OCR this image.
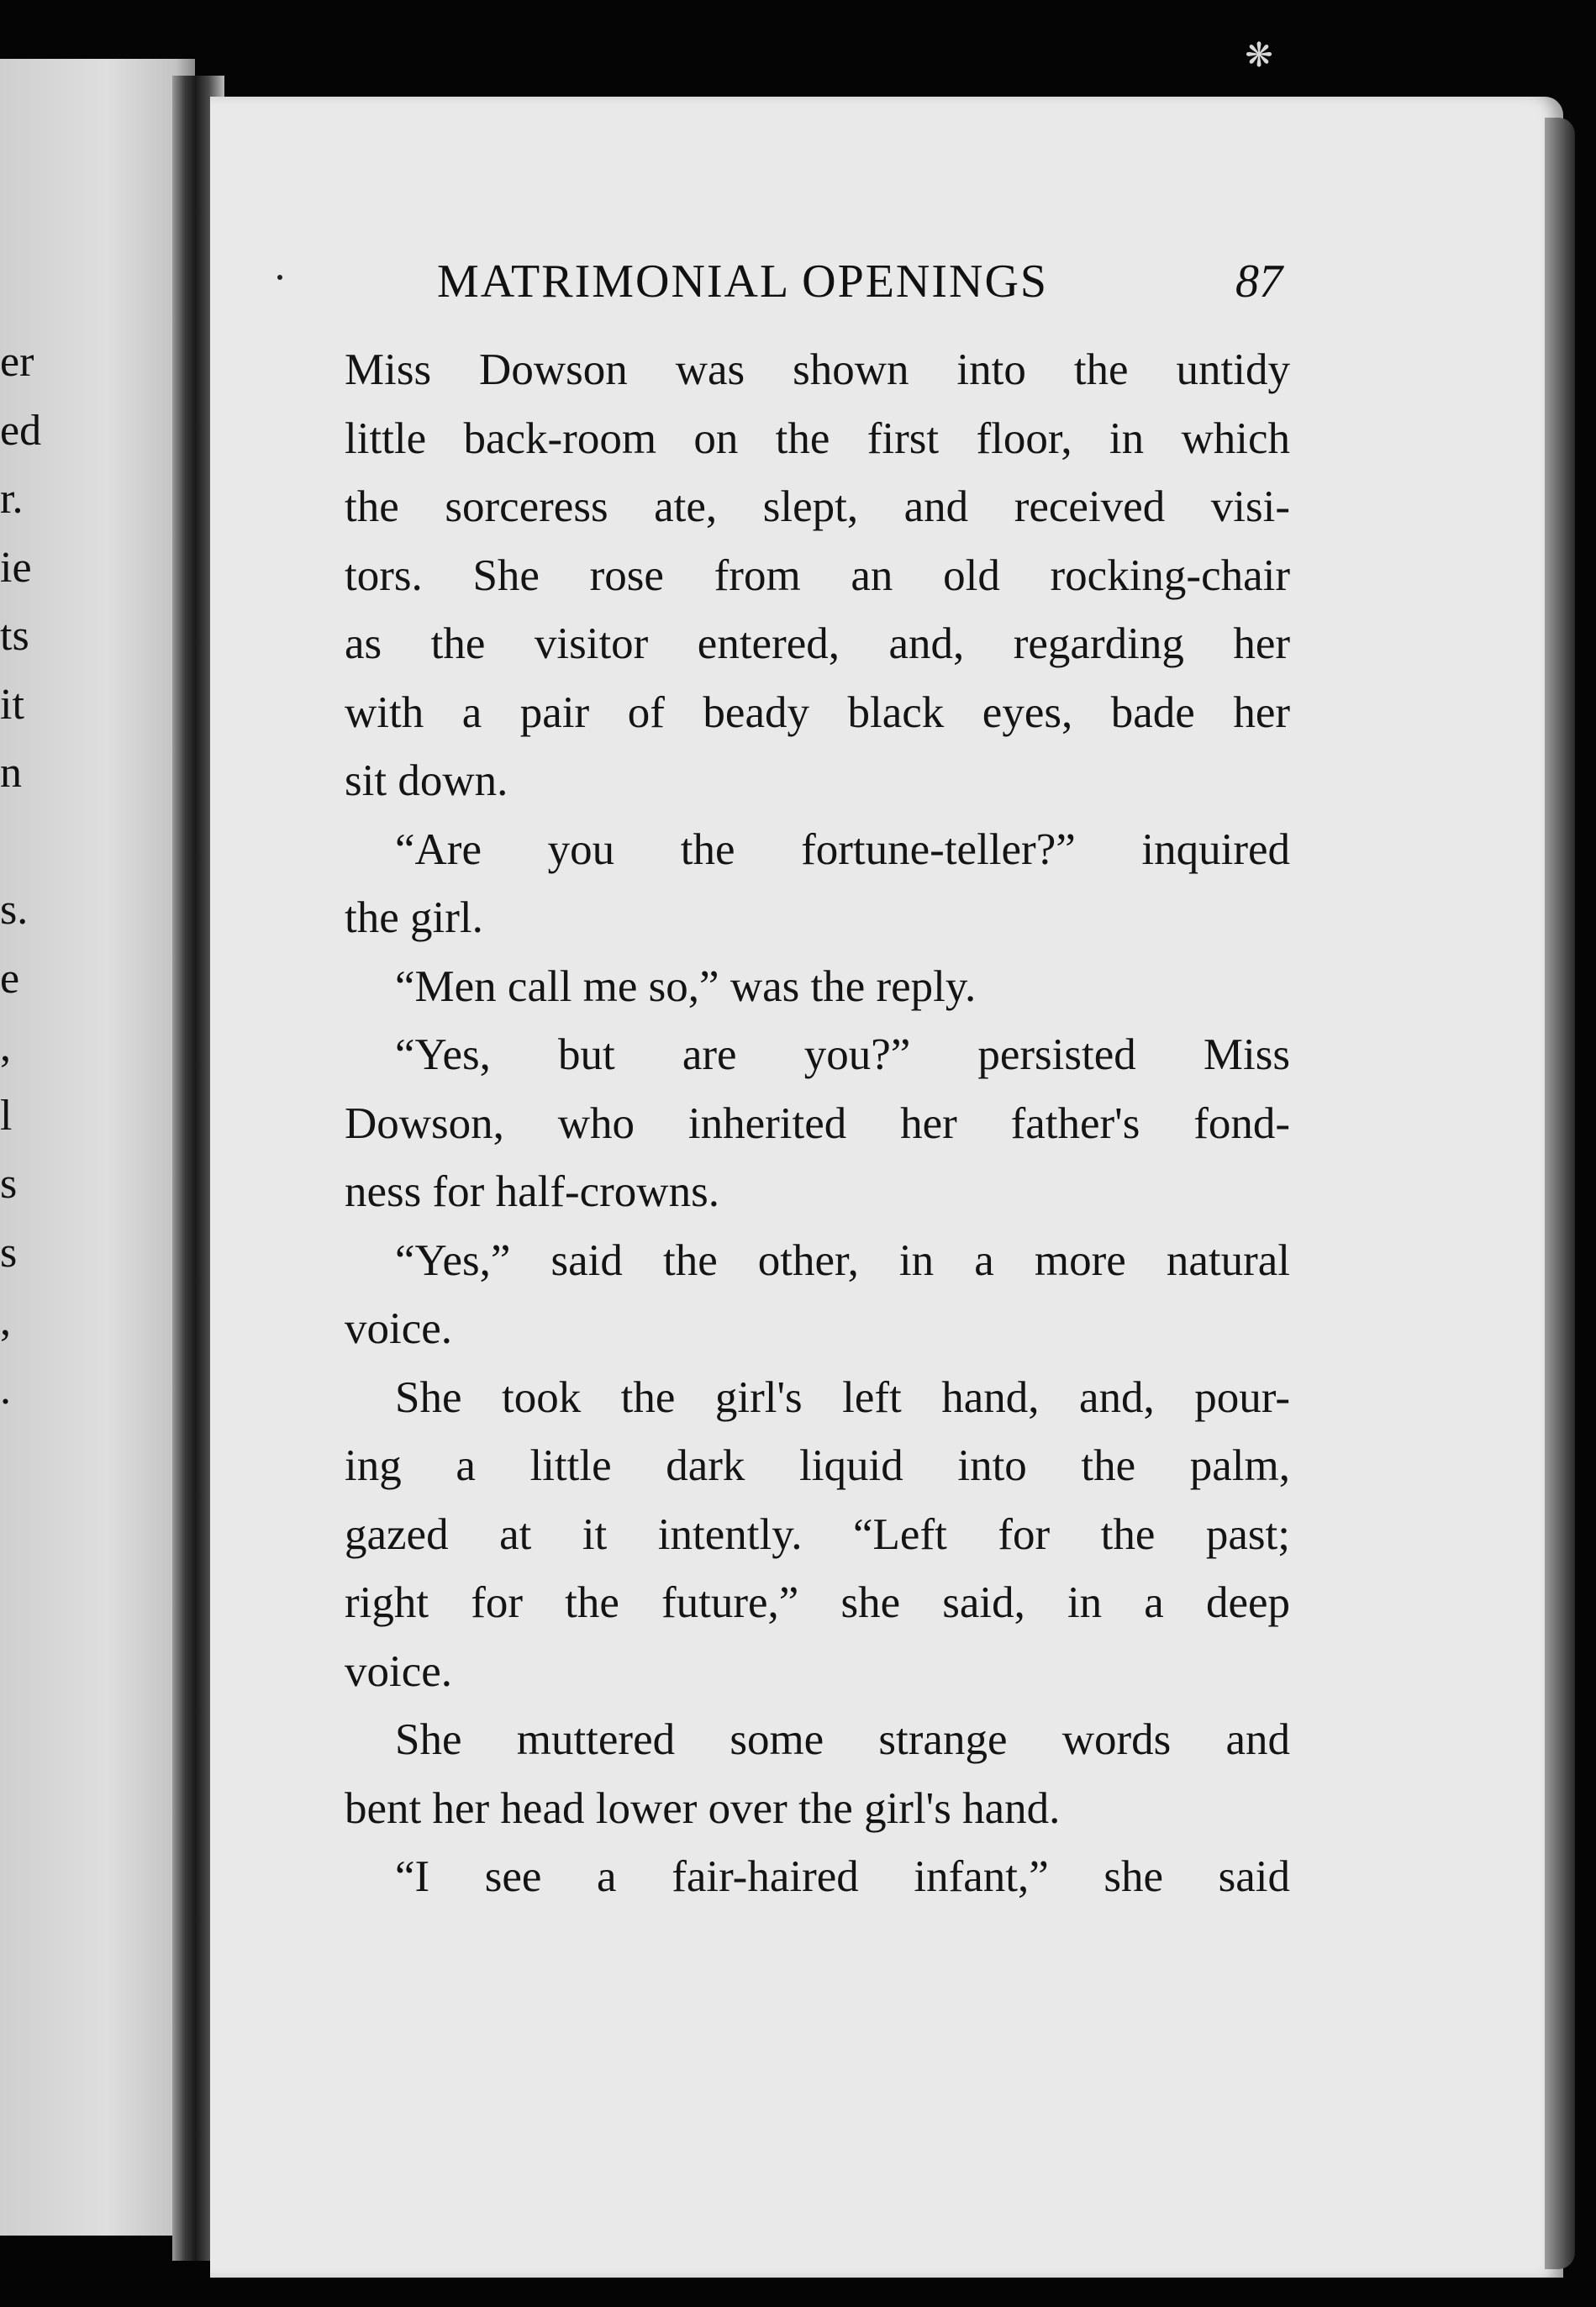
er
ed
r.
ie
ts
it
n
s.
e
,
l
s
s
,
.
❋
MATRIMONIAL OPENINGS	87
Miss Dowson was shown into the untidy
little back-room on the first floor, in which
the sorceress ate, slept, and received visi-
tors. She rose from an old rocking-chair
as the visitor entered, and, regarding her
with a pair of beady black eyes, bade her
sit down.
“Are you the fortune-teller?” inquired
the girl.
“Men call me so,” was the reply.
“Yes, but are you?” persisted Miss
Dowson, who inherited her father's fond-
ness for half-crowns.
“Yes,” said the other, in a more natural
voice.
She took the girl's left hand, and, pour-
ing a little dark liquid into the palm,
gazed at it intently. “Left for the past;
right for the future,” she said, in a deep
voice.
She muttered some strange words and
bent her head lower over the girl's hand.
“I see a fair-haired infant,” she said
